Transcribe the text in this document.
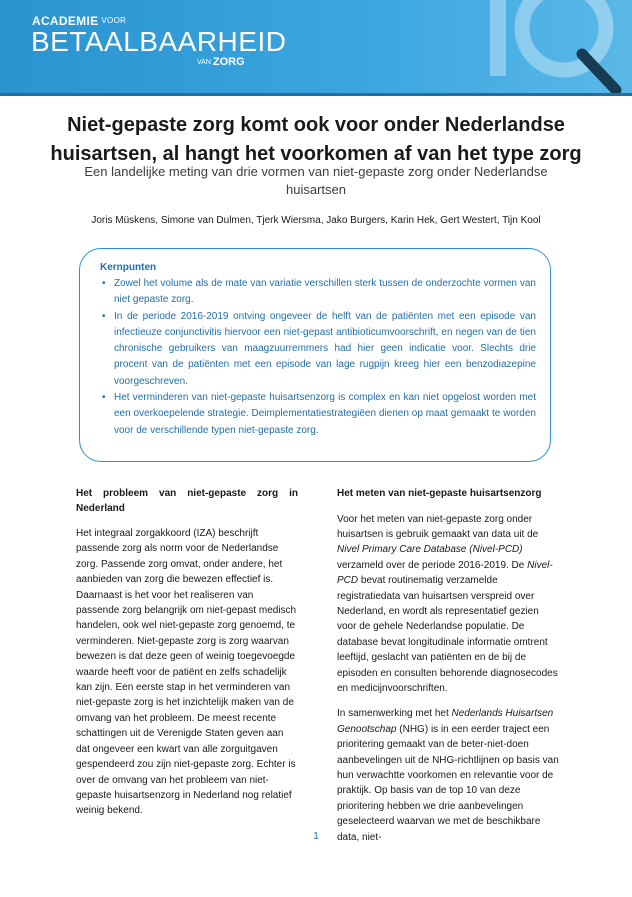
ACADEMIE VOOR
BETAALBAARHEID
VAN ZORG
Niet-gepaste zorg komt ook voor onder Nederlandse huisartsen, al hangt het voorkomen af van het type zorg

Een landelijke meting van drie vormen van niet-gepaste zorg onder Nederlandse huisartsen

Joris Müskens, Simone van Dulmen, Tjerk Wiersma, Jako Burgers, Karin Hek, Gert Westert, Tijn Kool

Kernpunten
• Zowel het volume als de mate van variatie verschillen sterk tussen de onderzochte vormen van niet gepaste zorg.
• In de periode 2016-2019 ontving ongeveer de helft van de patiënten met een episode van infectieuze conjunctivitis hiervoor een niet-gepast antibioticumvoorschrift, en negen van de tien chronische gebruikers van maagzuurremmers had hier geen indicatie voor. Slechts drie procent van de patiënten met een episode van lage rugpijn kreeg hier een benzodiazepine voorgeschreven.
• Het verminderen van niet-gepaste huisartsenzorg is complex en kan niet opgelost worden met een overkoepelende strategie. Deimplementatiestrategiëen dienen op maat gemaakt te worden voor de verschillende typen niet-gepaste zorg.
Het probleem van niet-gepaste zorg in Nederland

Het integraal zorgakkoord (IZA) beschrijft passende zorg als norm voor de Nederlandse zorg. Passende zorg omvat, onder andere, het aanbieden van zorg die bewezen effectief is. Daarnaast is het voor het realiseren van passende zorg belangrijk om niet-gepast medisch handelen, ook wel niet-gepaste zorg genoemd, te verminderen. Niet-gepaste zorg is zorg waarvan bewezen is dat deze geen of weinig toegevoegde waarde heeft voor de patiënt en zelfs schadelijk kan zijn. Een eerste stap in het verminderen van niet-gepaste zorg is het inzichtelijk maken van de omvang van het probleem. De meest recente schattingen uit de Verenigde Staten geven aan dat ongeveer een kwart van alle zorguitgaven gespendeerd zou zijn niet-gepaste zorg. Echter is over de omvang van het probleem van niet-gepaste huisartsenzorg in Nederland nog relatief weinig bekend.

Het meten van niet-gepaste huisartsenzorg

Voor het meten van niet-gepaste zorg onder huisartsen is gebruik gemaakt van data uit de Nivel Primary Care Database (Nivel-PCD) verzameld over de periode 2016-2019. De Nivel-PCD bevat routinematig verzamelde registratiedata van huisartsen verspreid over Nederland, en wordt als representatief gezien voor de gehele Nederlandse populatie. De database bevat longitudinale informatie omtrent leeftijd, geslacht van patiënten en de bij de episoden en consulten behorende diagnosecodes en medicijnvoorschriften.

In samenwerking met het Nederlands Huisartsen Genootschap (NHG) is in een eerder traject een prioritering gemaakt van de beter-niet-doen aanbevelingen uit de NHG-richtlijnen op basis van hun verwachtte voorkomen en relevantie voor de praktijk. Op basis van de top 10 van deze prioritering hebben we drie aanbevelingen geselecteerd waarvan we met de beschikbare data, niet-

1
